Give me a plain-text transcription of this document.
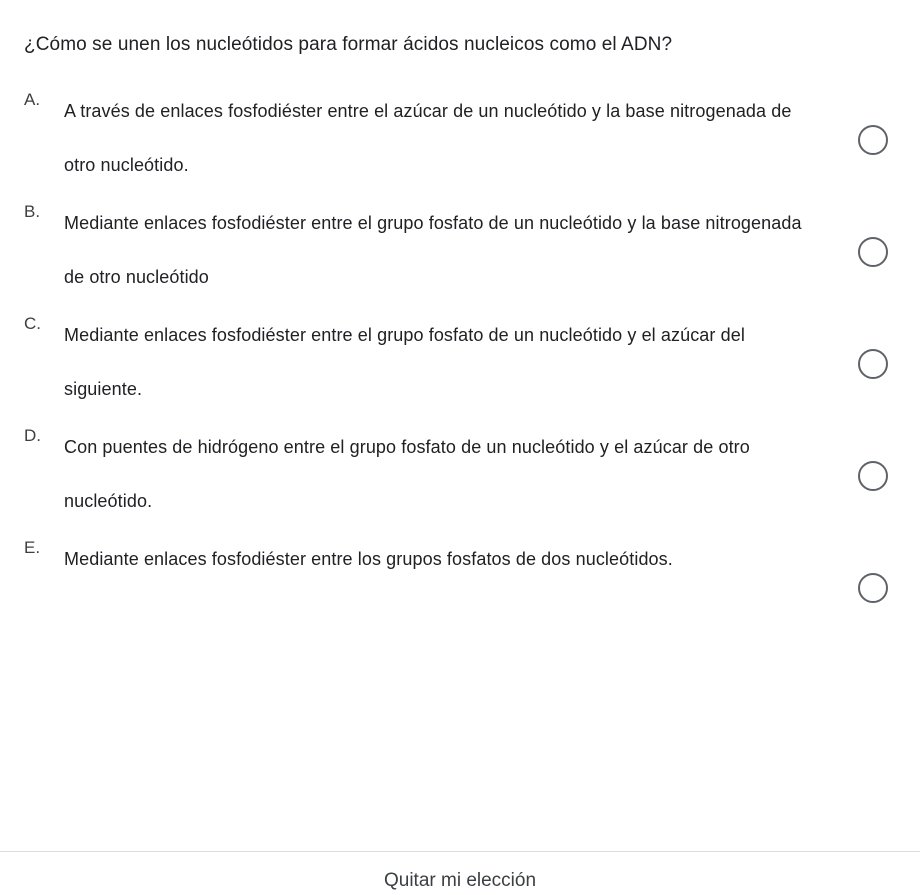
¿Cómo se unen los nucleótidos para formar ácidos nucleicos como el ADN?
A.
A través de enlaces fosfodiéster entre el azúcar de un nucleótido y la base nitrogenada de otro nucleótido.
B.
Mediante enlaces fosfodiéster entre el grupo fosfato de un nucleótido y la base nitrogenada de otro nucleótido
C.
Mediante enlaces fosfodiéster entre el grupo fosfato de un nucleótido y el azúcar del siguiente.
D.
Con puentes de hidrógeno entre el grupo fosfato de un nucleótido y el azúcar de otro nucleótido.
E.
Mediante enlaces fosfodiéster entre los grupos fosfatos de dos nucleótidos.
Quitar mi elección
